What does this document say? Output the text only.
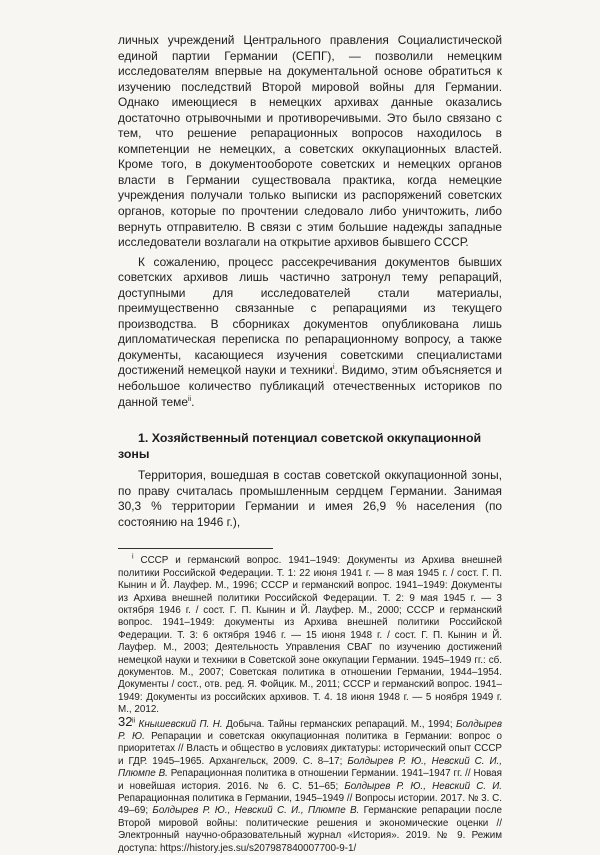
личных учреждений Центрального правления Социалистической единой партии Германии (СЕПГ), — позволили немецким исследователям впервые на документальной основе обратиться к изучению последствий Второй мировой войны для Германии. Однако имеющиеся в немецких архивах данные оказались достаточно отрывочными и противоречивыми. Это было связано с тем, что решение репарационных вопросов находилось в компетенции не немецких, а советских оккупационных властей. Кроме того, в документообороте советских и немецких органов власти в Германии существовала практика, когда немецкие учреждения получали только выписки из распоряжений советских органов, которые по прочтении следовало либо уничтожить, либо вернуть отправителю. В связи с этим большие надежды западные исследователи возлагали на открытие архивов бывшего СССР.

К сожалению, процесс рассекречивания документов бывших советских архивов лишь частично затронул тему репараций, доступными для исследователей стали материалы, преимущественно связанные с репарациями из текущего производства. В сборниках документов опубликована лишь дипломатическая переписка по репарационному вопросу, а также документы, касающиеся изучения советскими специалистами достижений немецкой науки и техники$^i$. Видимо, этим объясняется и небольшое количество публикаций отечественных историков по данной теме$^{ii}$.

1. Хозяйственный потенциал советской оккупационной зоны

Территория, вошедшая в состав советской оккупационной зоны, по праву считалась промышленным сердцем Германии. Занимая 30,3 % территории Германии и имея 26,9 % населения (по состоянию на 1946 г.),

$^i$ СССР и германский вопрос. 1941–1949: Документы из Архива внешней политики Российской Федерации. Т. 1: 22 июня 1941 г. — 8 мая 1945 г. / сост. Г. П. Кынин и Й. Лауфер. М., 1996; СССР и германский вопрос. 1941–1949: Документы из Архива внешней политики Российской Федерации. Т. 2: 9 мая 1945 г. — 3 октября 1946 г. / сост. Г. П. Кынин и Й. Лауфер. М., 2000; СССР и германский вопрос. 1941–1949: документы из Архива внешней политики Российской Федерации. Т. 3: 6 октября 1946 г. — 15 июня 1948 г. / сост. Г. П. Кынин и Й. Лауфер. М., 2003; Деятельность Управления СВАГ по изучению достижений немецкой науки и техники в Советской зоне оккупации Германии. 1945–1949 гг.: сб. документов. М., 2007; Советская политика в отношении Германии, 1944–1954. Документы / сост., отв. ред. Я. Фойцик. М., 2011; СССР и германский вопрос. 1941–1949: Документы из российских архивов. Т. 4. 18 июня 1948 г. — 5 ноября 1949 г. М., 2012.

$^{ii}$ Кнышевский П. Н. Добыча. Тайны германских репараций. М., 1994; Болдырев Р. Ю. Репарации и советская оккупационная политика в Германии: вопрос о приоритетах // Власть и общество в условиях диктатуры: исторический опыт СССР и ГДР. 1945–1965. Архангельск, 2009. С. 8–17; Болдырев Р. Ю., Невский С. И., Плюмпе В. Репарационная политика в отношении Германии. 1941–1947 гг. // Новая и новейшая история. 2016. № 6. С. 51–65; Болдырев Р. Ю., Невский С. И. Репарационная политика в Германии, 1945–1949 // Вопросы истории. 2017. № 3. С. 49–69; Болдырев Р. Ю., Невский С. И., Плюмпе В. Германские репарации после Второй мировой войны: политические решения и экономические оценки // Электронный научно-образовательный журнал «История». 2019. № 9. Режим доступа: https://history.jes.su/s207987840007700-9-1/

32
